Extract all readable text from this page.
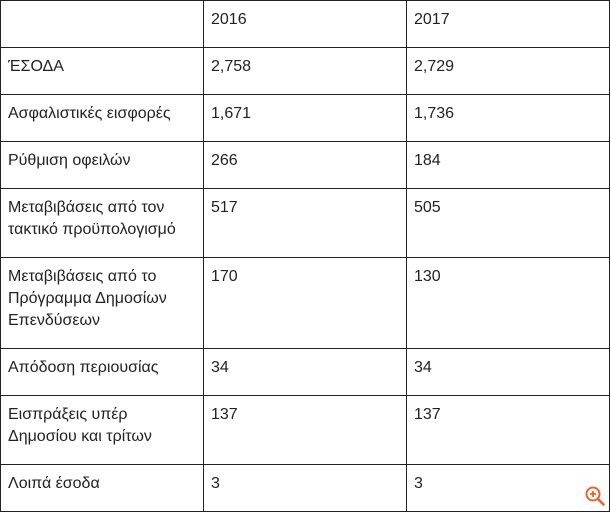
	2016	2017
ΈΣΟΔΑ	2,758	2,729
Ασφαλιστικές εισφορές	1,671	1,736
Ρύθμιση οφειλών	266	184
Μεταβιβάσεις από τον τακτικό προϋπολογισμό	517	505
Μεταβιβάσεις από το Πρόγραμμα Δημοσίων Επενδύσεων	170	130
Απόδοση περιουσίας	34	34
Εισπράξεις υπέρ Δημοσίου και τρίτων	137	137
Λοιπά έσοδα	3	3
